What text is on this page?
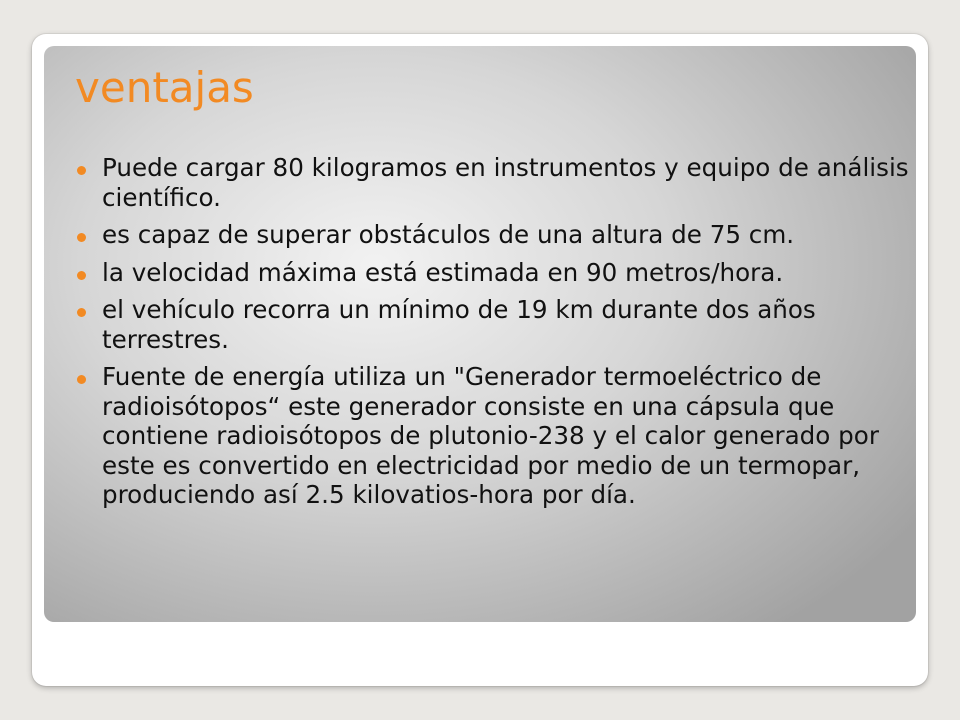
ventajas
Puede cargar 80 kilogramos en instrumentos y equipo de análisis científico.
es capaz de superar obstáculos de una altura de 75 cm.
la velocidad máxima está estimada en 90 metros/hora.
el vehículo recorra un mínimo de 19 km durante dos años terrestres.
Fuente de energía utiliza un "Generador termoeléctrico de radioisótopos“ este generador consiste en una cápsula que contiene radioisótopos de plutonio-238 y el calor generado por este es convertido en electricidad por medio de un termopar, produciendo así 2.5 kilovatios-hora por día.
